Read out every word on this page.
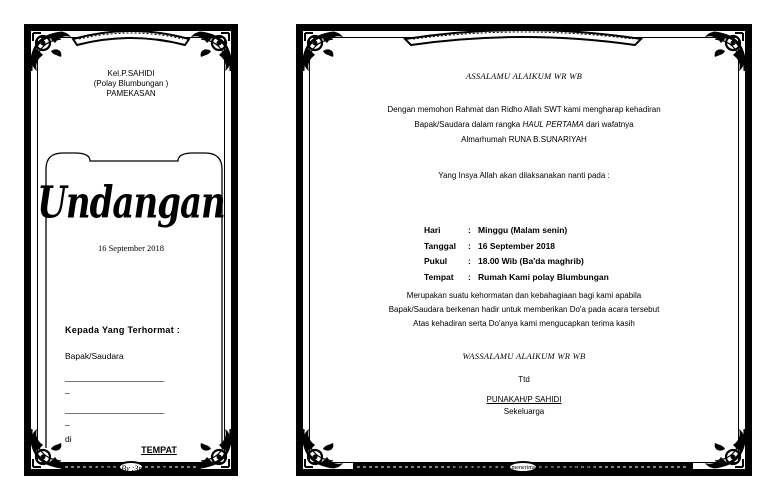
Kel.P.SAHIDI
(Polay Blumbungan )
PAMEKASAN
Undangan
16 September 2018
Kepada Yang Terhormat :
Bapak/Saudara
_________________________
_
_________________________
_
di
TEMPAT
Created By :3rd3. Com
ASSALAMU ALAIKUM WR WB
Dengan memohon Rahmat dan Ridho Allah SWT kami mengharap kehadiran
Bapak/Saudara dalam rangka HAUL PERTAMA dari wafatnya
Almarhumah RUNA B.SUNARIYAH
Yang Insya Allah akan dilaksanakan nanti pada :
Hari	: Minggu (Malam senin)
Tanggal	: 16 September 2018
Pukul	: 18.00 Wib (Ba'da maghrib)
Tempat	: Rumah Kami polay Blumbungan
Merupakan suatu kehormatan dan kebahagiaan bagi kami apabila
Bapak/Saudara berkenan hadir untuk memberikan Do'a pada acara tersebut
Atas kehadiran serta Do'anya kami mengucapkan terima kasih
WASSALAMU ALAIKUM WR WB
Ttd
PUNAKAH/P SAHIDI
Sekeluarga
NB : mohon maaf tidak menerima sumbangan kecuali do'a
